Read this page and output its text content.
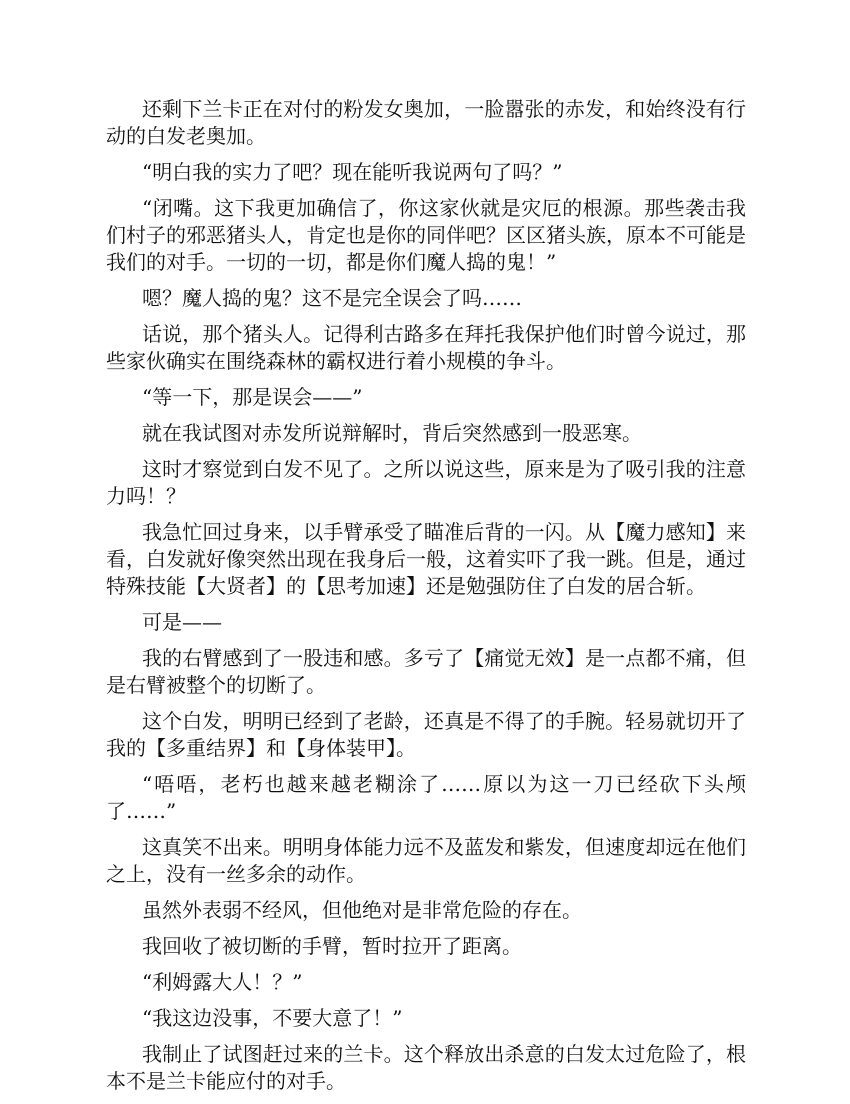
还剩下兰卡正在对付的粉发女奥加，一脸嚣张的赤发，和始终没有行动的白发老奥加。

“明白我的实力了吧？现在能听我说两句了吗？”

“闭嘴。这下我更加确信了，你这家伙就是灾厄的根源。那些袭击我们村子的邪恶猪头人，肯定也是你的同伴吧？区区猪头族，原本不可能是我们的对手。一切的一切，都是你们魔人捣的鬼！”

嗯？魔人捣的鬼？这不是完全误会了吗……

话说，那个猪头人。记得利古路多在拜托我保护他们时曾今说过，那些家伙确实在围绕森林的霸权进行着小规模的争斗。

“等一下，那是误会——”

就在我试图对赤发所说辩解时，背后突然感到一股恶寒。

这时才察觉到白发不见了。之所以说这些，原来是为了吸引我的注意力吗！？

我急忙回过身来，以手臂承受了瞄准后背的一闪。从【魔力感知】来看，白发就好像突然出现在我身后一般，这着实吓了我一跳。但是，通过特殊技能【大贤者】的【思考加速】还是勉强防住了白发的居合斩。

可是——

我的右臂感到了一股违和感。多亏了【痛觉无效】是一点都不痛，但是右臂被整个的切断了。

这个白发，明明已经到了老龄，还真是不得了的手腕。轻易就切开了我的【多重结界】和【身体装甲】。

“唔唔，老朽也越来越老糊涂了……原以为这一刀已经砍下头颅了……”

这真笑不出来。明明身体能力远不及蓝发和紫发，但速度却远在他们之上，没有一丝多余的动作。

虽然外表弱不经风，但他绝对是非常危险的存在。

我回收了被切断的手臂，暂时拉开了距离。

“利姆露大人！？”

“我这边没事，不要大意了！”

我制止了试图赶过来的兰卡。这个释放出杀意的白发太过危险了，根本不是兰卡能应付的对手。
